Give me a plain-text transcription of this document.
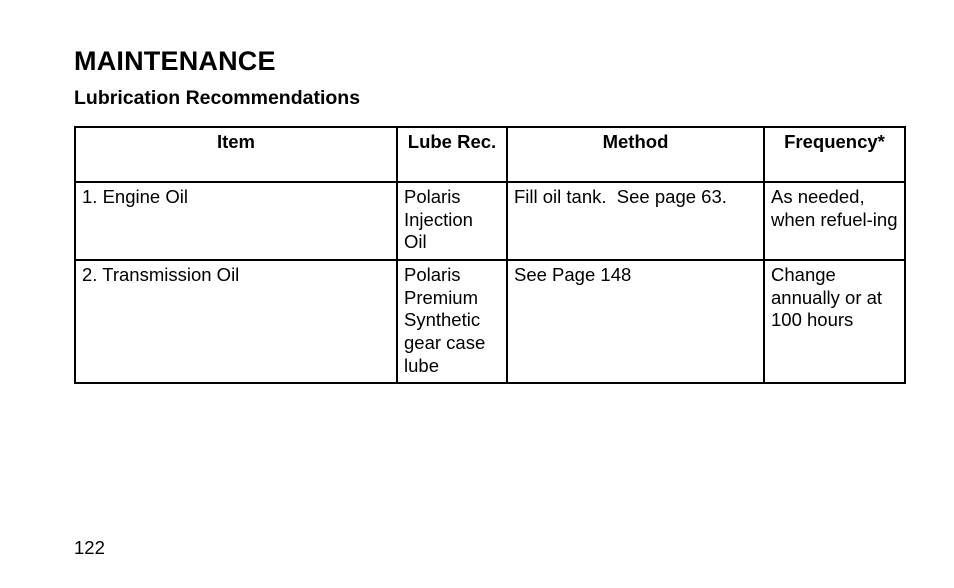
MAINTENANCE
Lubrication Recommendations
Item	Lube Rec.	Method	Frequency*
1. Engine Oil	Polaris Injection Oil	Fill oil tank.  See page 63.	As needed, when refuel-ing
2. Transmission Oil	Polaris Premium Synthetic gear case lube	See Page 148	Change annually or at 100 hours
122
